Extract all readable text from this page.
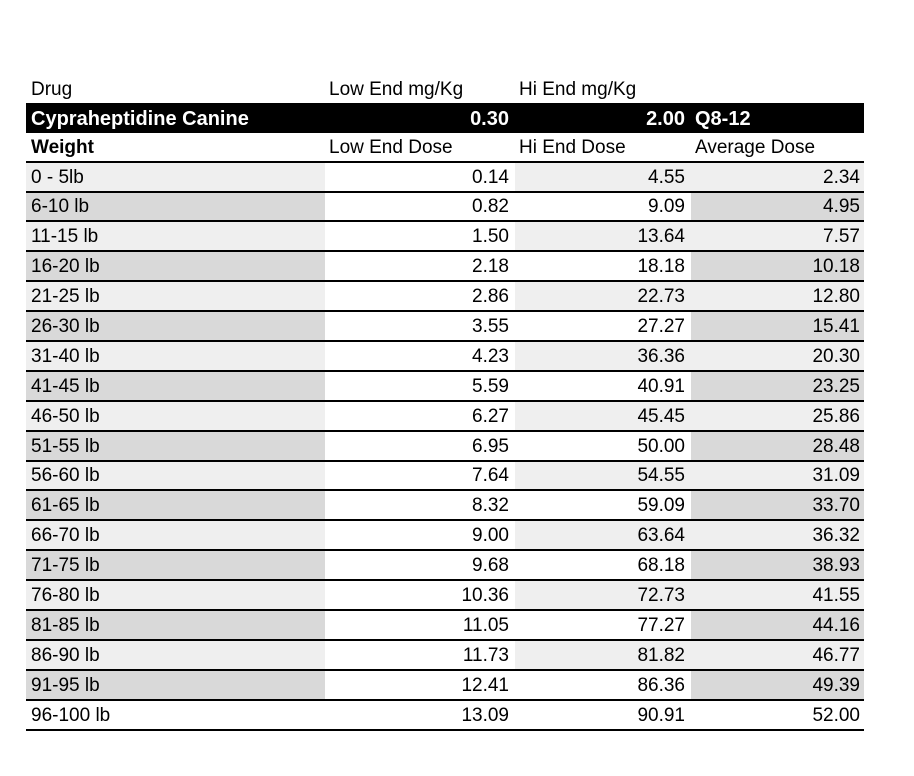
Drug	Low End mg/Kg	Hi End mg/Kg
Cypraheptidine Canine	0.30	2.00 Q8-12
Weight	Low End Dose	Hi End Dose	Average Dose
0 - 5lb	0.14	4.55	2.34
6-10 lb	0.82	9.09	4.95
11-15 lb	1.50	13.64	7.57
16-20 lb	2.18	18.18	10.18
21-25 lb	2.86	22.73	12.80
26-30 lb	3.55	27.27	15.41
31-40 lb	4.23	36.36	20.30
41-45 lb	5.59	40.91	23.25
46-50 lb	6.27	45.45	25.86
51-55 lb	6.95	50.00	28.48
56-60 lb	7.64	54.55	31.09
61-65 lb	8.32	59.09	33.70
66-70 lb	9.00	63.64	36.32
71-75 lb	9.68	68.18	38.93
76-80 lb	10.36	72.73	41.55
81-85 lb	11.05	77.27	44.16
86-90 lb	11.73	81.82	46.77
91-95 lb	12.41	86.36	49.39
96-100 lb	13.09	90.91	52.00
